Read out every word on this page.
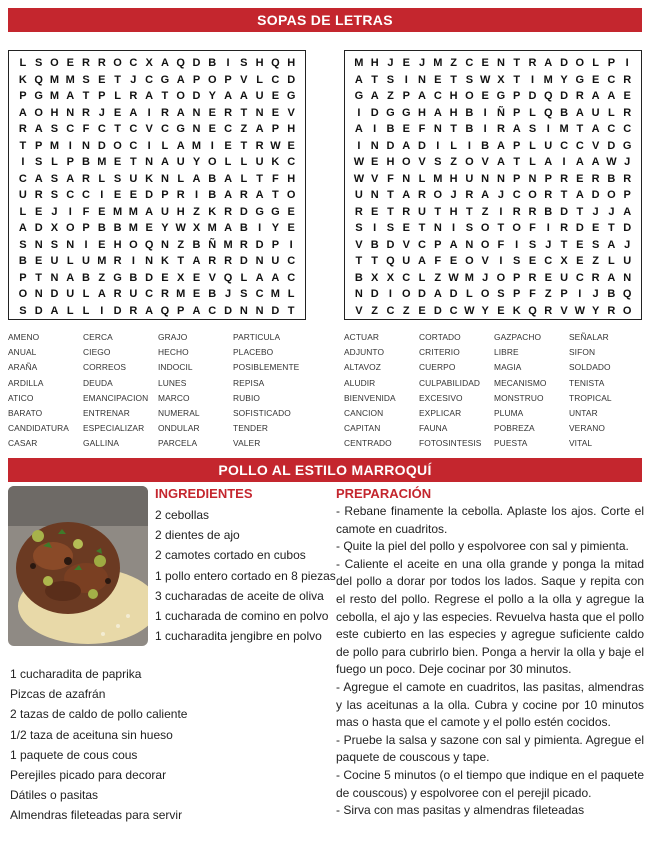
SOPAS DE LETRAS
L S O E R R O C X A Q D B I S H Q H
K Q M M S E T J C G A P O P V L C D
P G M A T P L R A T O D Y A A U E G
A O H N R J E A I R A N E R T N E V
R A S C F C T C V C G N E C Z A P H
T P M I N D O C I L A M I E T R W E
I S L P B M E T N A U Y O L L U K C
C A S A R L S U K N L A B A L T F H
U R S C C I E E D P R I B A R A T O
L E J	I F E M M A U H Z K R D G G E
A D X O P B B M E Y W X M A B I Y E
S N S N I E H O Q N Z B Ñ M R D P I
B E U L U M R I N K T A R R D N U C
P T N A B Z G B D E X E V Q L A A C
O N D U L A R U C R M E B J S C M L
S D A L L I D R A Q P A C D N N D T
M H J E J M Z C E N T R A D O L P I
A T S I N E T S W X T I M Y G E C R
G A Z P A C H O E G P D Q D R A A E
I D G G H A H B I Ñ P L Q B A U L R
A I B E F N T B I R A S I M T A C C
I N D A D I L I B A P L U C C V D G
W E H O V S Z O V A T L A I A A W J
W V F N L M H U N N P N P R E R B R
U N T A R O J R A J C O R T A D O P
R E T R U T H T Z I R R B D T J J A
S I S E T N I S O T O F I R D E T D
V B D V C P A N O F I S J T E S A J
T T Q U A F E O V I S E C X E Z L U
B X X C L Z W M J O P R E U C R A N
N D I O D A D L O S P F Z P I	J B Q
V Z C Z E D C W Y E K Q R V W Y R O
AMENO	CERCA	GRAJO	PARTICULA
ANUAL	CIEGO	HECHO	PLACEBO
ARAÑA	CORREOS	INDOCIL	POSIBLEMENTE
ARDILLA	DEUDA	LUNES	REPISA
ATICO	EMANCIPACION	MARCO	RUBIO
BARATO	ENTRENAR	NUMERAL	SOFISTICADO
CANDIDATURA	ESPECIALIZAR	ONDULAR	TENDER
CASAR	GALLINA	PARCELA	VALER
ACTUAR	CORTADO	GAZPACHO	SEÑALAR
ADJUNTO	CRITERIO	LIBRE	SIFON
ALTAVOZ	CUERPO	MAGIA	SOLDADO
ALUDIR	CULPABILIDAD	MECANISMO	TENISTA
BIENVENIDA	EXCESIVO	MONSTRUO	TROPICAL
CANCION	EXPLICAR	PLUMA	UNTAR
CAPITAN	FAUNA	POBREZA	VERANO
CENTRADO	FOTOSINTESIS	PUESTA	VITAL
POLLO AL ESTILO MARROQUÍ
INGREDIENTES
2 cebollas
2 dientes de ajo
2 camotes cortado en cubos
1 pollo entero cortado en 8 piezas
3 cucharadas de aceite de oliva
1 cucharada de comino en polvo
1 cucharadita jengibre en polvo
1 cucharadita de paprika
Pizcas de azafrán
2 tazas de caldo de pollo caliente
1/2 taza de aceituna sin hueso
1 paquete de cous cous
Perejiles picado para decorar
Dátiles o pasitas
Almendras fileteadas para servir
PREPARACIÓN

- Rebane finamente la cebolla. Aplaste los ajos. Corte el camote en cuadritos.

- Quite la piel del pollo y espolvoree con sal y pimienta.

- Caliente el aceite en una olla grande y ponga la mitad del pollo a dorar por todos los lados. Saque y repita con el resto del pollo. Regrese el pollo a la olla y agregue la cebolla, el ajo y las especies. Revuelva hasta que el pollo este cubierto en las especies y agregue suficiente caldo de pollo para cubrirlo bien. Ponga a hervir la olla y baje el fuego un poco. Deje cocinar por 30 minutos.

- Agregue el camote en cuadritos, las pasitas, almendras y las aceitunas a la olla. Cubra y cocine por 10 minutos mas o hasta que el camote y el pollo estén cocidos.

- Pruebe la salsa y sazone con sal y pimienta. Agregue el paquete de couscous y tape.

- Cocine 5 minutos (o el tiempo que indique en el paquete de couscous) y espolvoree con el perejil picado.

- Sirva con mas pasitas y almendras fileteadas
